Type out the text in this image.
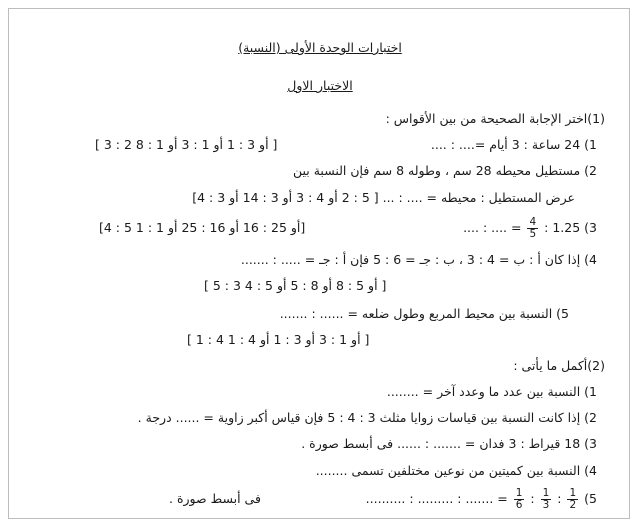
اختبارات الوحدة الأولى (النسبة)
الاختبار الاول
(1)اختر الإجابة الصحيحة من بين الأقواس :
1) 24 ساعة : 3 أيام =.... : ....
[ 3 : 2 أو 3 : 1 أو 1 : 3 أو 1 : 8 ]
2) مستطيل محيطه 28 سم ، وطوله 8 سم فإن النسبة بين
عرض المستطيل : محيطه = .... : ... [ 5 : 2 أو 4 : 3 أو 3 : 14 أو 3 : 4]
3) 1.25 :
$\frac{4}{5}$
= .... : ....
[4 : 5 أو 25 : 16 أو 16 : 25 أو 1 : 1]
4) إذا كان أ : ب = 4 : 3 ، ب : جـ = 6 : 5 فإن أ : جـ = ..... : .......
[ 5 : 3 أو 5 : 8 أو 8 : 5 أو 5 : 4 ]
5) النسبة بين محيط المربع وطول ضلعه = ...... : .......
[ 1 : 4 أو 1 : 3 أو 3 : 1 أو 4 : 1 ]
(2)أكمل ما يأتى :
1) النسبة بين عدد ما وعدد آخر = ........
2) إذا كانت النسبة بين قياسات زوايا مثلث 3 : 4 : 5 فإن قياس أكبر زاوية = ...... درجة .
3) 18 قيراط : 3 فدان = ....... : ...... فى أبسط صورة .
4) النسبة بين كميتين من نوعين مختلفين تسمى ........
5)
$\frac{1}{2}$
:
$\frac{1}{3}$
:
$\frac{1}{6}$
= ....... : ......... : ..........
فى أبسط صورة .
